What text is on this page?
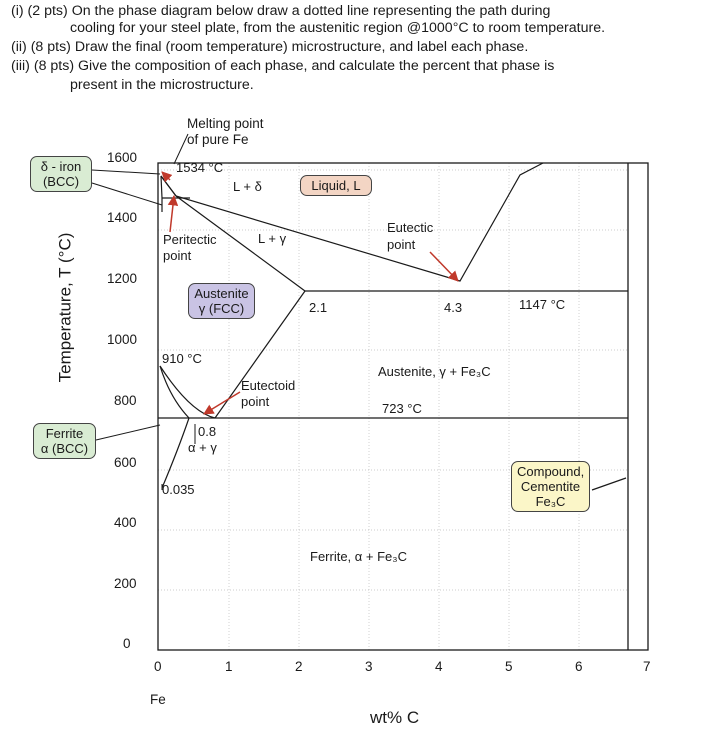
(i) (2 pts) On the phase diagram below draw a dotted line representing the path during
cooling for your steel plate, from the austenitic region @1000°C to room temperature.
(ii) (8 pts) Draw the final (room temperature) microstructure, and label each phase.
(iii) (8 pts) Give the composition of each phase, and calculate the percent that phase is
present in the microstructure.
Temperature, T (°C)
1600
1400
1200
1000
800
600
400
200
0
0	1	2	3	4	5	6	7
Fe
wt% C
Melting point
of pure Fe
1534 °C
L + δ	Liquid, L
Peritectic
point
L + γ
Eutectic
point
Austenite
γ (FCC)	2.1	4.3	1147 °C
910 °C
Eutectoid
point
Austenite, γ + Fe₃C
723 °C
0.8
α + γ
0.035
Compound,
Cementite
Fe₃C
Ferrite, α + Fe₃C
δ - iron
(BCC)
Ferrite
α (BCC)
